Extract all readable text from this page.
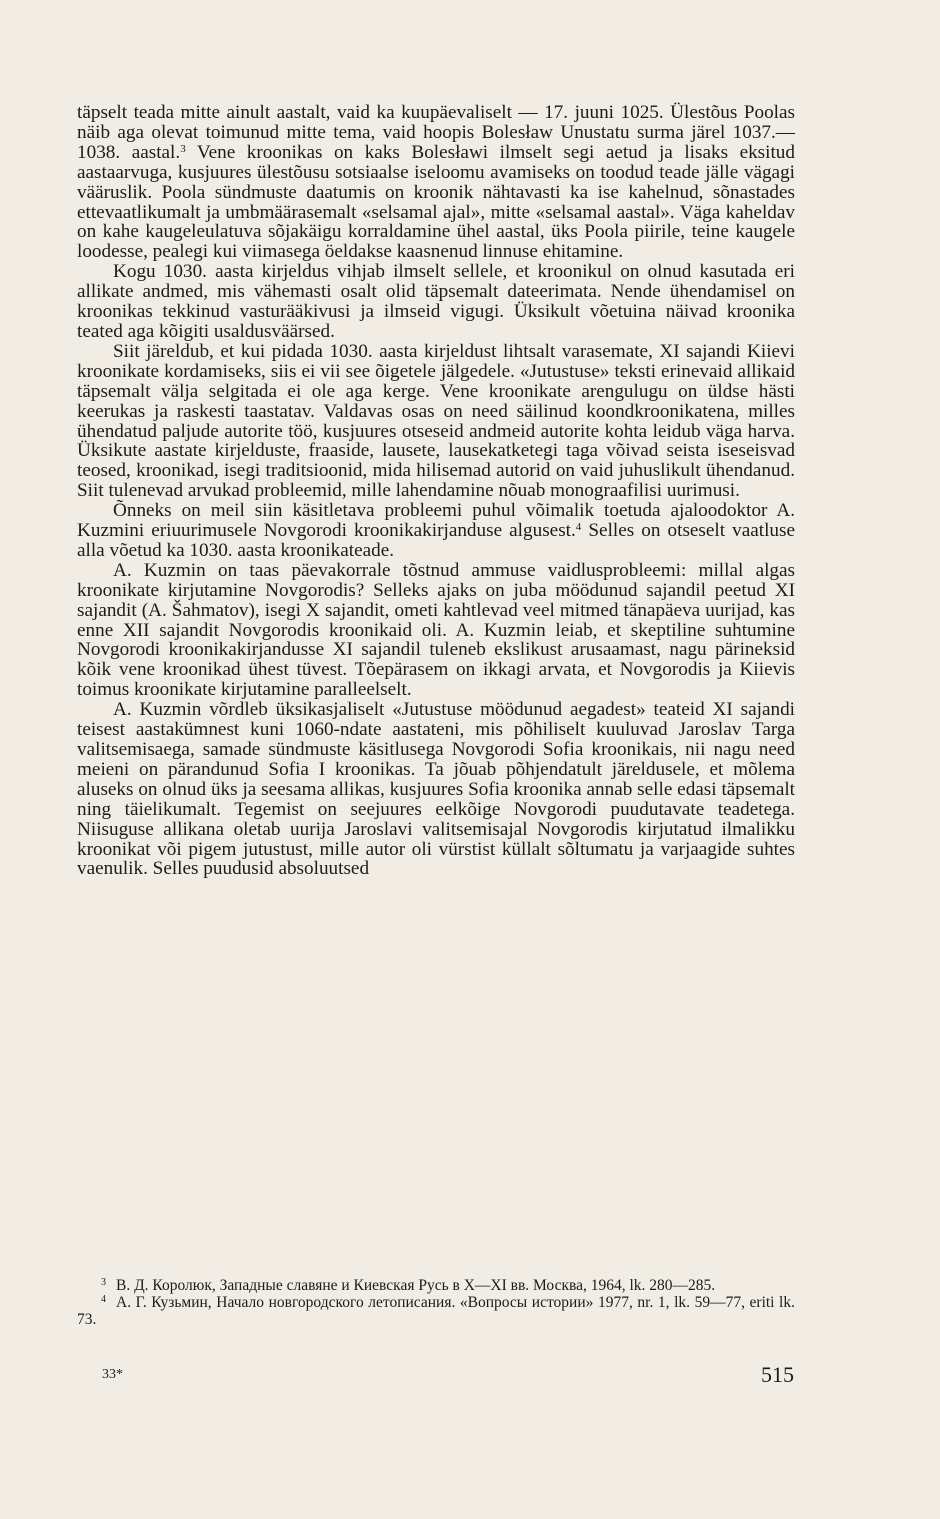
täpselt teada mitte ainult aastalt, vaid ka kuupäevaliselt — 17. juuni 1025. Ülestõus Poolas näib aga olevat toimunud mitte tema, vaid hoopis Bolesław Unustatu surma järel 1037.—1038. aastal.$^3$ Vene kroonikas on kaks Bolesławi ilmselt segi aetud ja lisaks eksitud aastaarvuga, kusjuures ülestõusu sotsiaalse iseloomu avamiseks on toodud teade jälle vägagi vääruslik. Poola sündmuste daatumis on kroonik nähtavasti ka ise kahelnud, sõnastades ettevaatlikumalt ja umbmäärasemalt «selsamal ajal», mitte «selsamal aastal». Väga kaheldav on kahe kaugeleulatuva sõjakäigu korraldamine ühel aastal, üks Poola piirile, teine kaugele loodesse, pealegi kui viimasega öeldakse kaasnenud linnuse ehitamine.

Kogu 1030. aasta kirjeldus vihjab ilmselt sellele, et kroonikul on olnud kasutada eri allikate andmed, mis vähemasti osalt olid täpsemalt dateerimata. Nende ühendamisel on kroonikas tekkinud vasturääkivusi ja ilmseid vigugi. Üksikult võetuina näivad kroonika teated aga kõigiti usaldusväärsed.

Siit järeldub, et kui pidada 1030. aasta kirjeldust lihtsalt varasemate, XI sajandi Kiievi kroonikate kordamiseks, siis ei vii see õigetele jälgedele. «Jutustuse» teksti erinevaid allikaid täpsemalt välja selgitada ei ole aga kerge. Vene kroonikate arengulugu on üldse hästi keerukas ja raskesti taastatav. Valdavas osas on need säilinud koondkroonikatena, milles ühendatud paljude autorite töö, kusjuures otseseid andmeid autorite kohta leidub väga harva. Üksikute aastate kirjelduste, fraaside, lausete, lausekatketegi taga võivad seista iseseisvad teosed, kroonikad, isegi traditsioonid, mida hilisemad autorid on vaid juhuslikult ühendanud. Siit tulenevad arvukad probleemid, mille lahendamine nõuab monograafilisi uurimusi.

Õnneks on meil siin käsitletava probleemi puhul võimalik toetuda ajaloodoktor A. Kuzmini eriuurimusele Novgorodi kroonikakirjanduse algusest.$^4$ Selles on otseselt vaatluse alla võetud ka 1030. aasta kroonikateade.

A. Kuzmin on taas päevakorrale tõstnud ammuse vaidlusprobleemi: millal algas kroonikate kirjutamine Novgorodis? Selleks ajaks on juba möödunud sajandil peetud XI sajandit (A. Šahmatov), isegi X sajandit, ometi kahtlevad veel mitmed tänapäeva uurijad, kas enne XII sajandit Novgorodis kroonikaid oli. A. Kuzmin leiab, et skeptiline suhtumine Novgorodi kroonikakirjandusse XI sajandil tuleneb ekslikust arusaamast, nagu pärineksid kõik vene kroonikad ühest tüvest. Tõepärasem on ikkagi arvata, et Novgorodis ja Kiievis toimus kroonikate kirjutamine paralleelselt.

A. Kuzmin võrdleb üksikasjaliselt «Jutustuse möödunud aegadest» teateid XI sajandi teisest aastakümnest kuni 1060-ndate aastateni, mis põhiliselt kuuluvad Jaroslav Targa valitsemisaega, samade sündmuste käsitlusega Novgorodi Sofia kroonikais, nii nagu need meieni on pärandunud Sofia I kroonikas. Ta jõuab põhjendatult järeldusele, et mõlema aluseks on olnud üks ja seesama allikas, kusjuures Sofia kroonika annab selle edasi täpsemalt ning täielikumalt. Tegemist on seejuures eelkõige Novgorodi puudutavate teadetega. Niisuguse allikana oletab uurija Jaroslavi valitsemisajal Novgorodis kirjutatud ilmalikku kroonikat või pigem jutustust, mille autor oli vürstist küllalt sõltumatu ja varjaagide suhtes vaenulik. Selles puudusid absoluutsed

$^3$ В. Д. Королюк, Западные славяне и Киевская Русь в X—XI вв. Москва, 1964, lk. 280—285.

$^4$ А. Г. Кузьмин, Начало новгородского летописания. «Вопросы истории» 1977, nr. 1, lk. 59—77, eriti lk. 73.

33*	515
